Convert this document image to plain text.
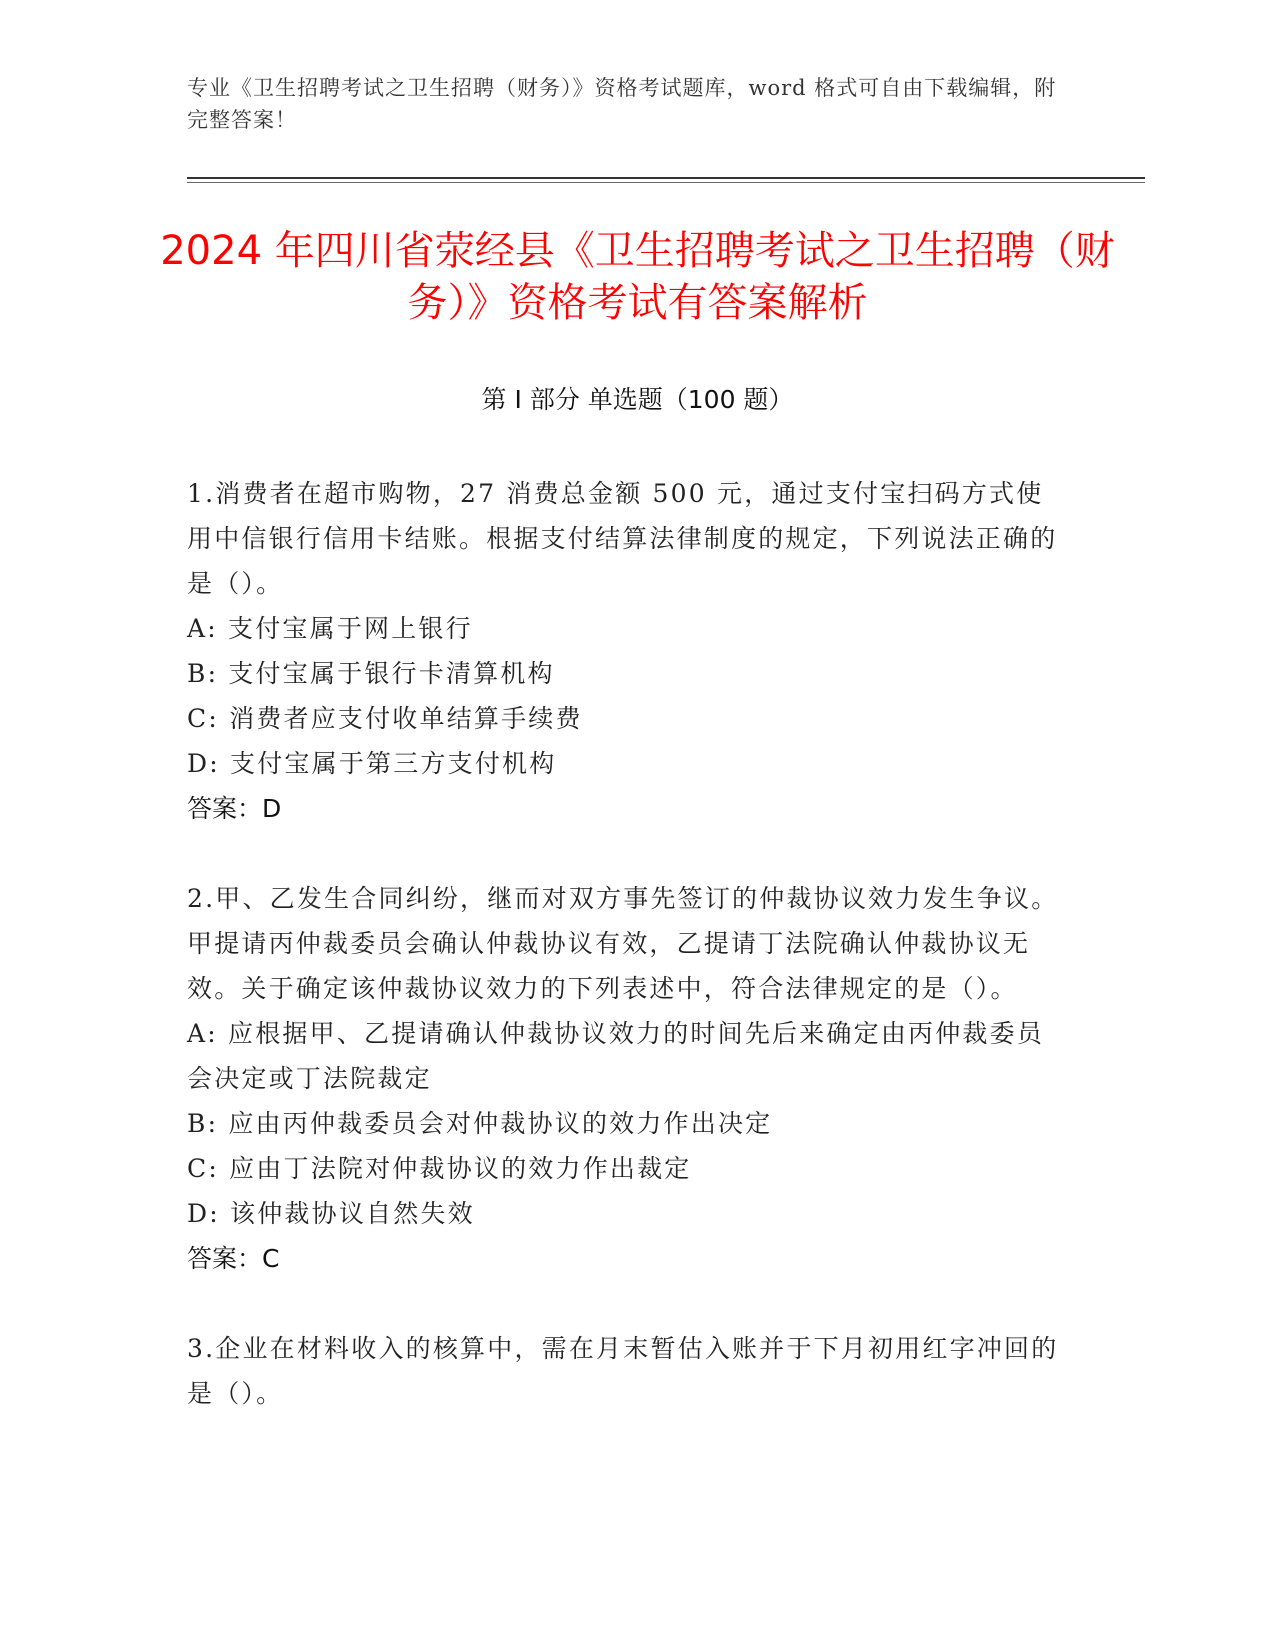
专业《卫生招聘考试之卫生招聘（财务）》资格考试题库，word 格式可自由下载编辑，附完整答案！
2024 年四川省荥经县《卫生招聘考试之卫生招聘（财务）》资格考试有答案解析
第 I 部分 单选题（100 题）

1.消费者在超市购物，27 消费总金额 500 元，通过支付宝扫码方式使用中信银行信用卡结账。根据支付结算法律制度的规定，下列说法正确的是（）。

A: 支付宝属于网上银行

B: 支付宝属于银行卡清算机构

C: 消费者应支付收单结算手续费

D: 支付宝属于第三方支付机构

答案：D

2.甲、乙发生合同纠纷，继而对双方事先签订的仲裁协议效力发生争议。甲提请丙仲裁委员会确认仲裁协议有效，乙提请丁法院确认仲裁协议无效。关于确定该仲裁协议效力的下列表述中，符合法律规定的是（）。

A: 应根据甲、乙提请确认仲裁协议效力的时间先后来确定由丙仲裁委员会决定或丁法院裁定

B: 应由丙仲裁委员会对仲裁协议的效力作出决定

C: 应由丁法院对仲裁协议的效力作出裁定

D: 该仲裁协议自然失效

答案：C

3.企业在材料收入的核算中，需在月末暂估入账并于下月初用红字冲回的是（）。
